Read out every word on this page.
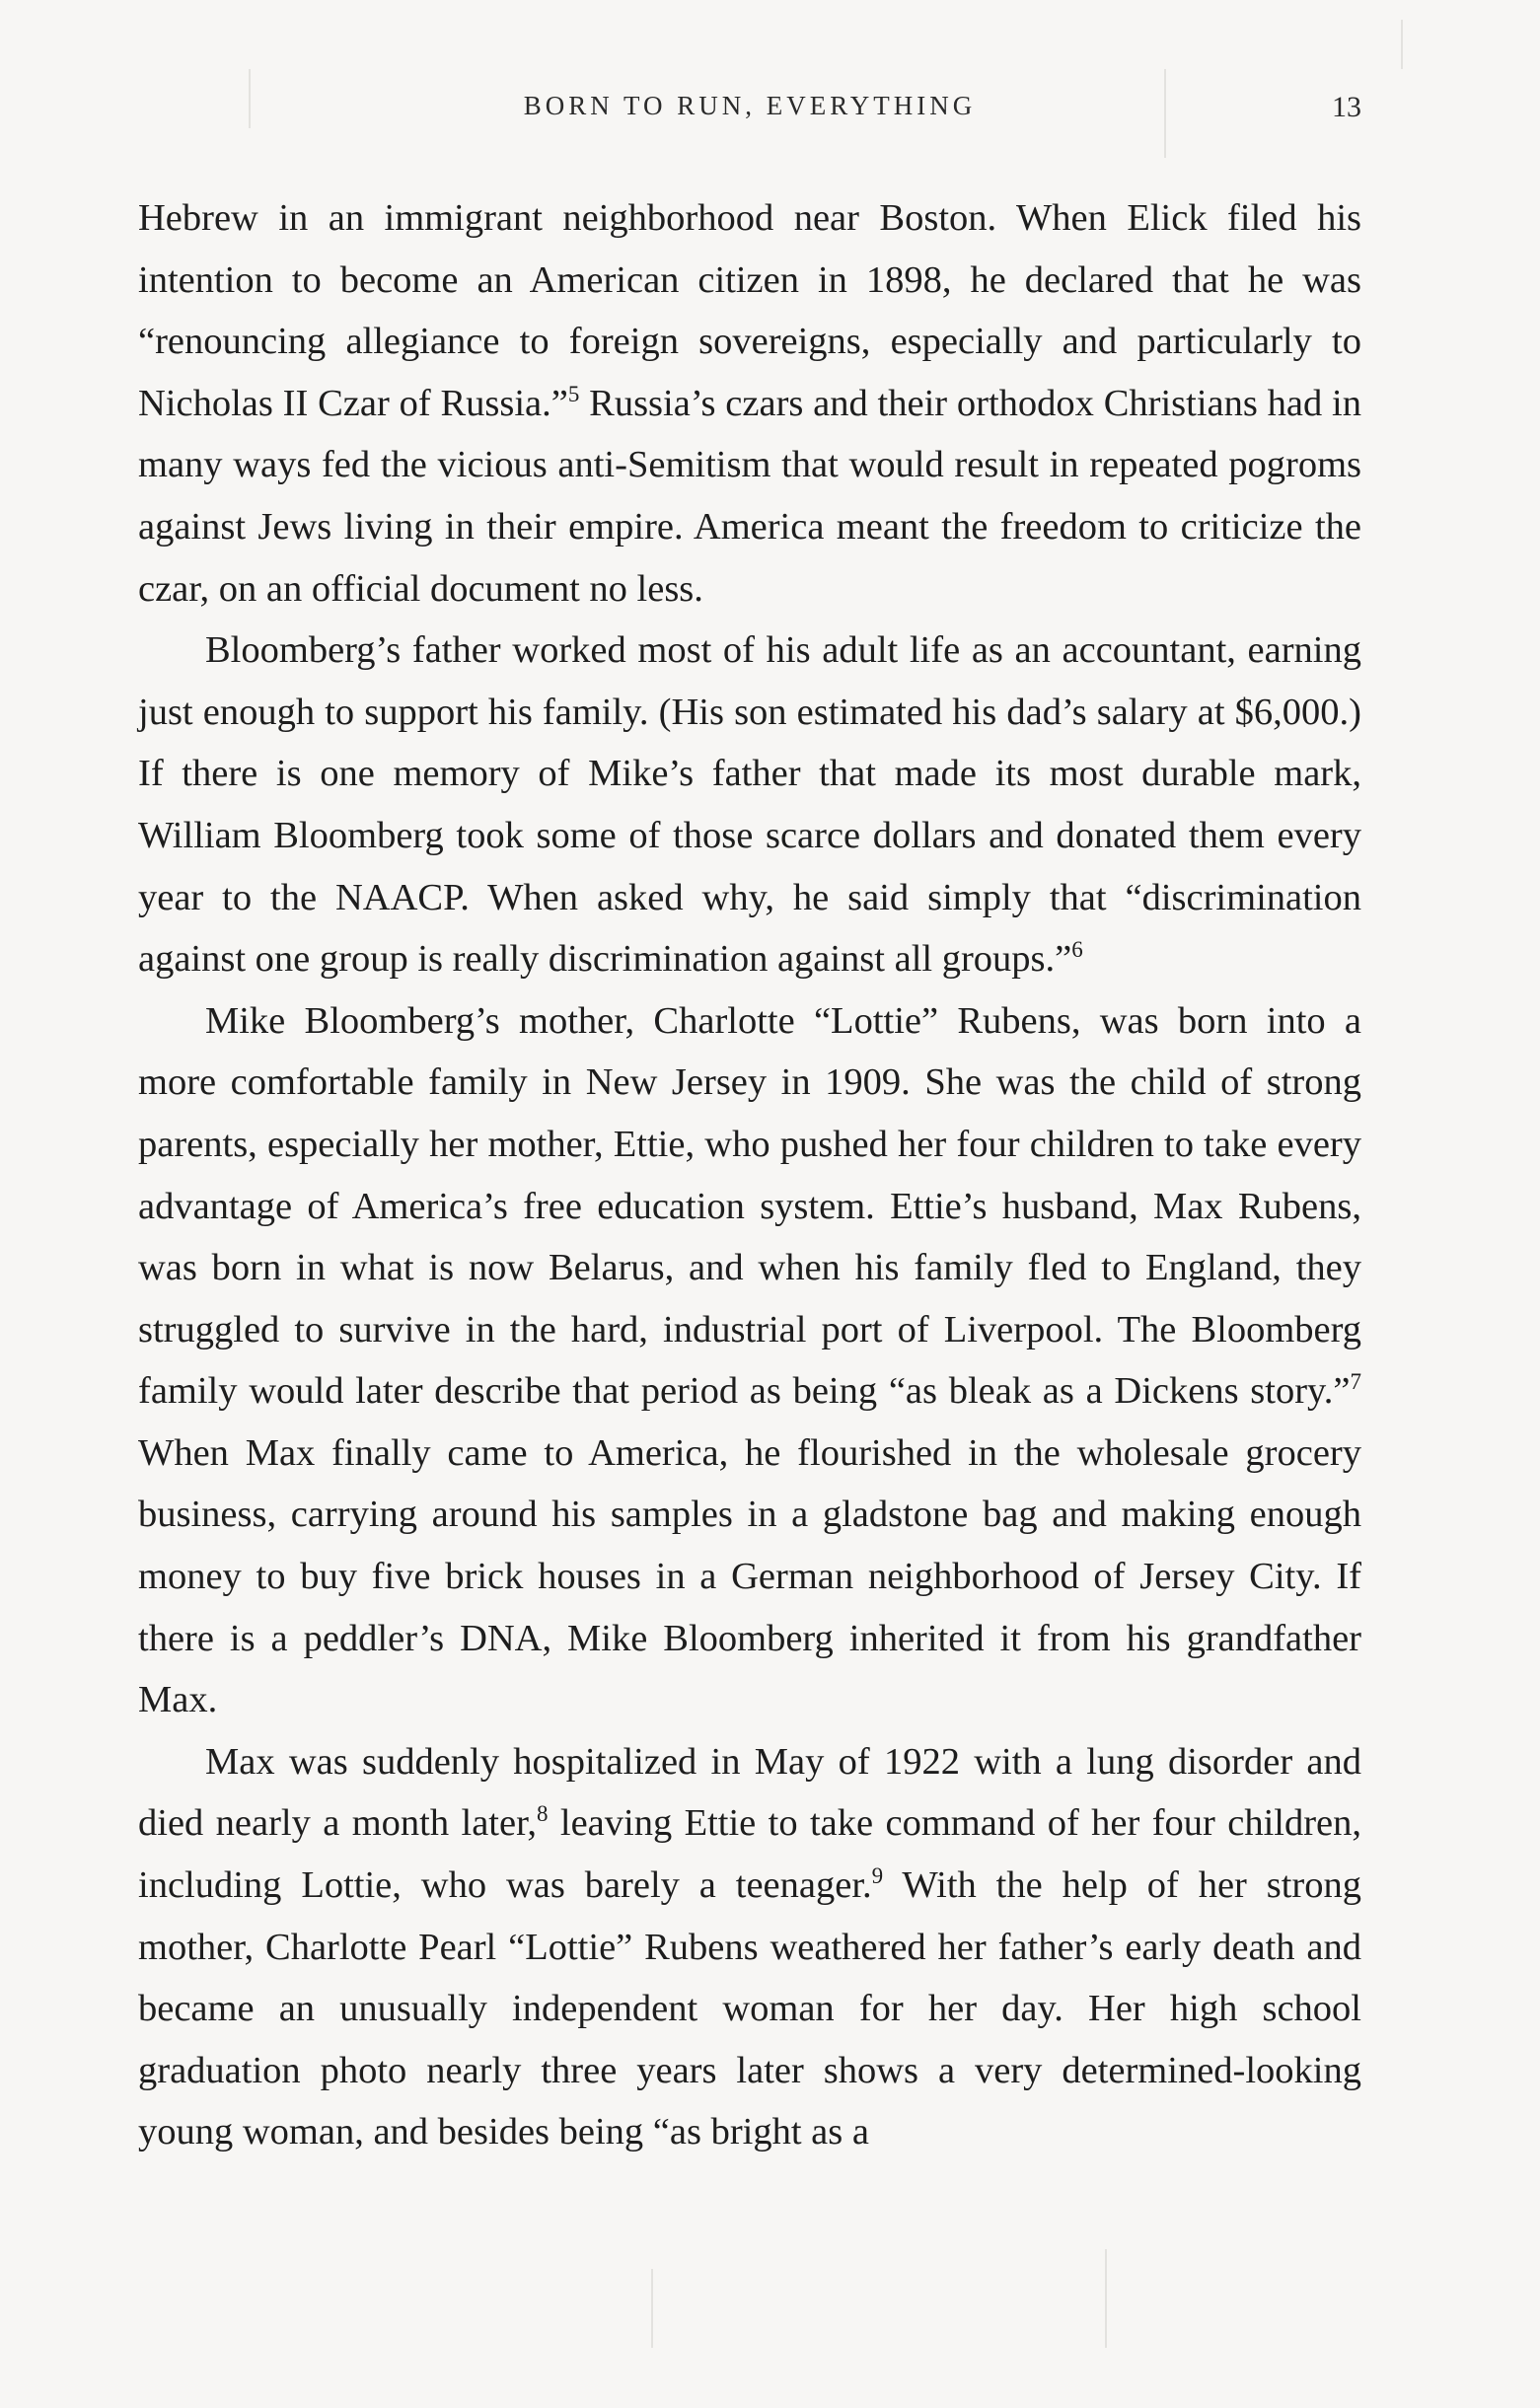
BORN TO RUN, EVERYTHING	13

Hebrew in an immigrant neighborhood near Boston. When Elick filed his intention to become an American citizen in 1898, he declared that he was “renouncing allegiance to foreign sovereigns, especially and particularly to Nicholas II Czar of Russia.”$^5$ Russia’s czars and their orthodox Christians had in many ways fed the vicious anti-Semitism that would result in repeated pogroms against Jews living in their empire. America meant the freedom to criticize the czar, on an official document no less.

Bloomberg’s father worked most of his adult life as an accountant, earning just enough to support his family. (His son estimated his dad’s salary at $6,000.) If there is one memory of Mike’s father that made its most durable mark, William Bloomberg took some of those scarce dollars and donated them every year to the NAACP. When asked why, he said simply that “discrimination against one group is really discrimination against all groups.”$^6$

Mike Bloomberg’s mother, Charlotte “Lottie” Rubens, was born into a more comfortable family in New Jersey in 1909. She was the child of strong parents, especially her mother, Ettie, who pushed her four children to take every advantage of America’s free education system. Ettie’s husband, Max Rubens, was born in what is now Belarus, and when his family fled to England, they struggled to survive in the hard, industrial port of Liverpool. The Bloomberg family would later describe that period as being “as bleak as a Dickens story.”$^7$ When Max finally came to America, he flourished in the wholesale grocery business, carrying around his samples in a gladstone bag and making enough money to buy five brick houses in a German neighborhood of Jersey City. If there is a peddler’s DNA, Mike Bloomberg inherited it from his grandfather Max.

Max was suddenly hospitalized in May of 1922 with a lung disorder and died nearly a month later,$^8$ leaving Ettie to take command of her four children, including Lottie, who was barely a teenager.$^9$ With the help of her strong mother, Charlotte Pearl “Lottie” Rubens weathered her father’s early death and became an unusually independent woman for her day. Her high school graduation photo nearly three years later shows a very determined-looking young woman, and besides being “as bright as a
